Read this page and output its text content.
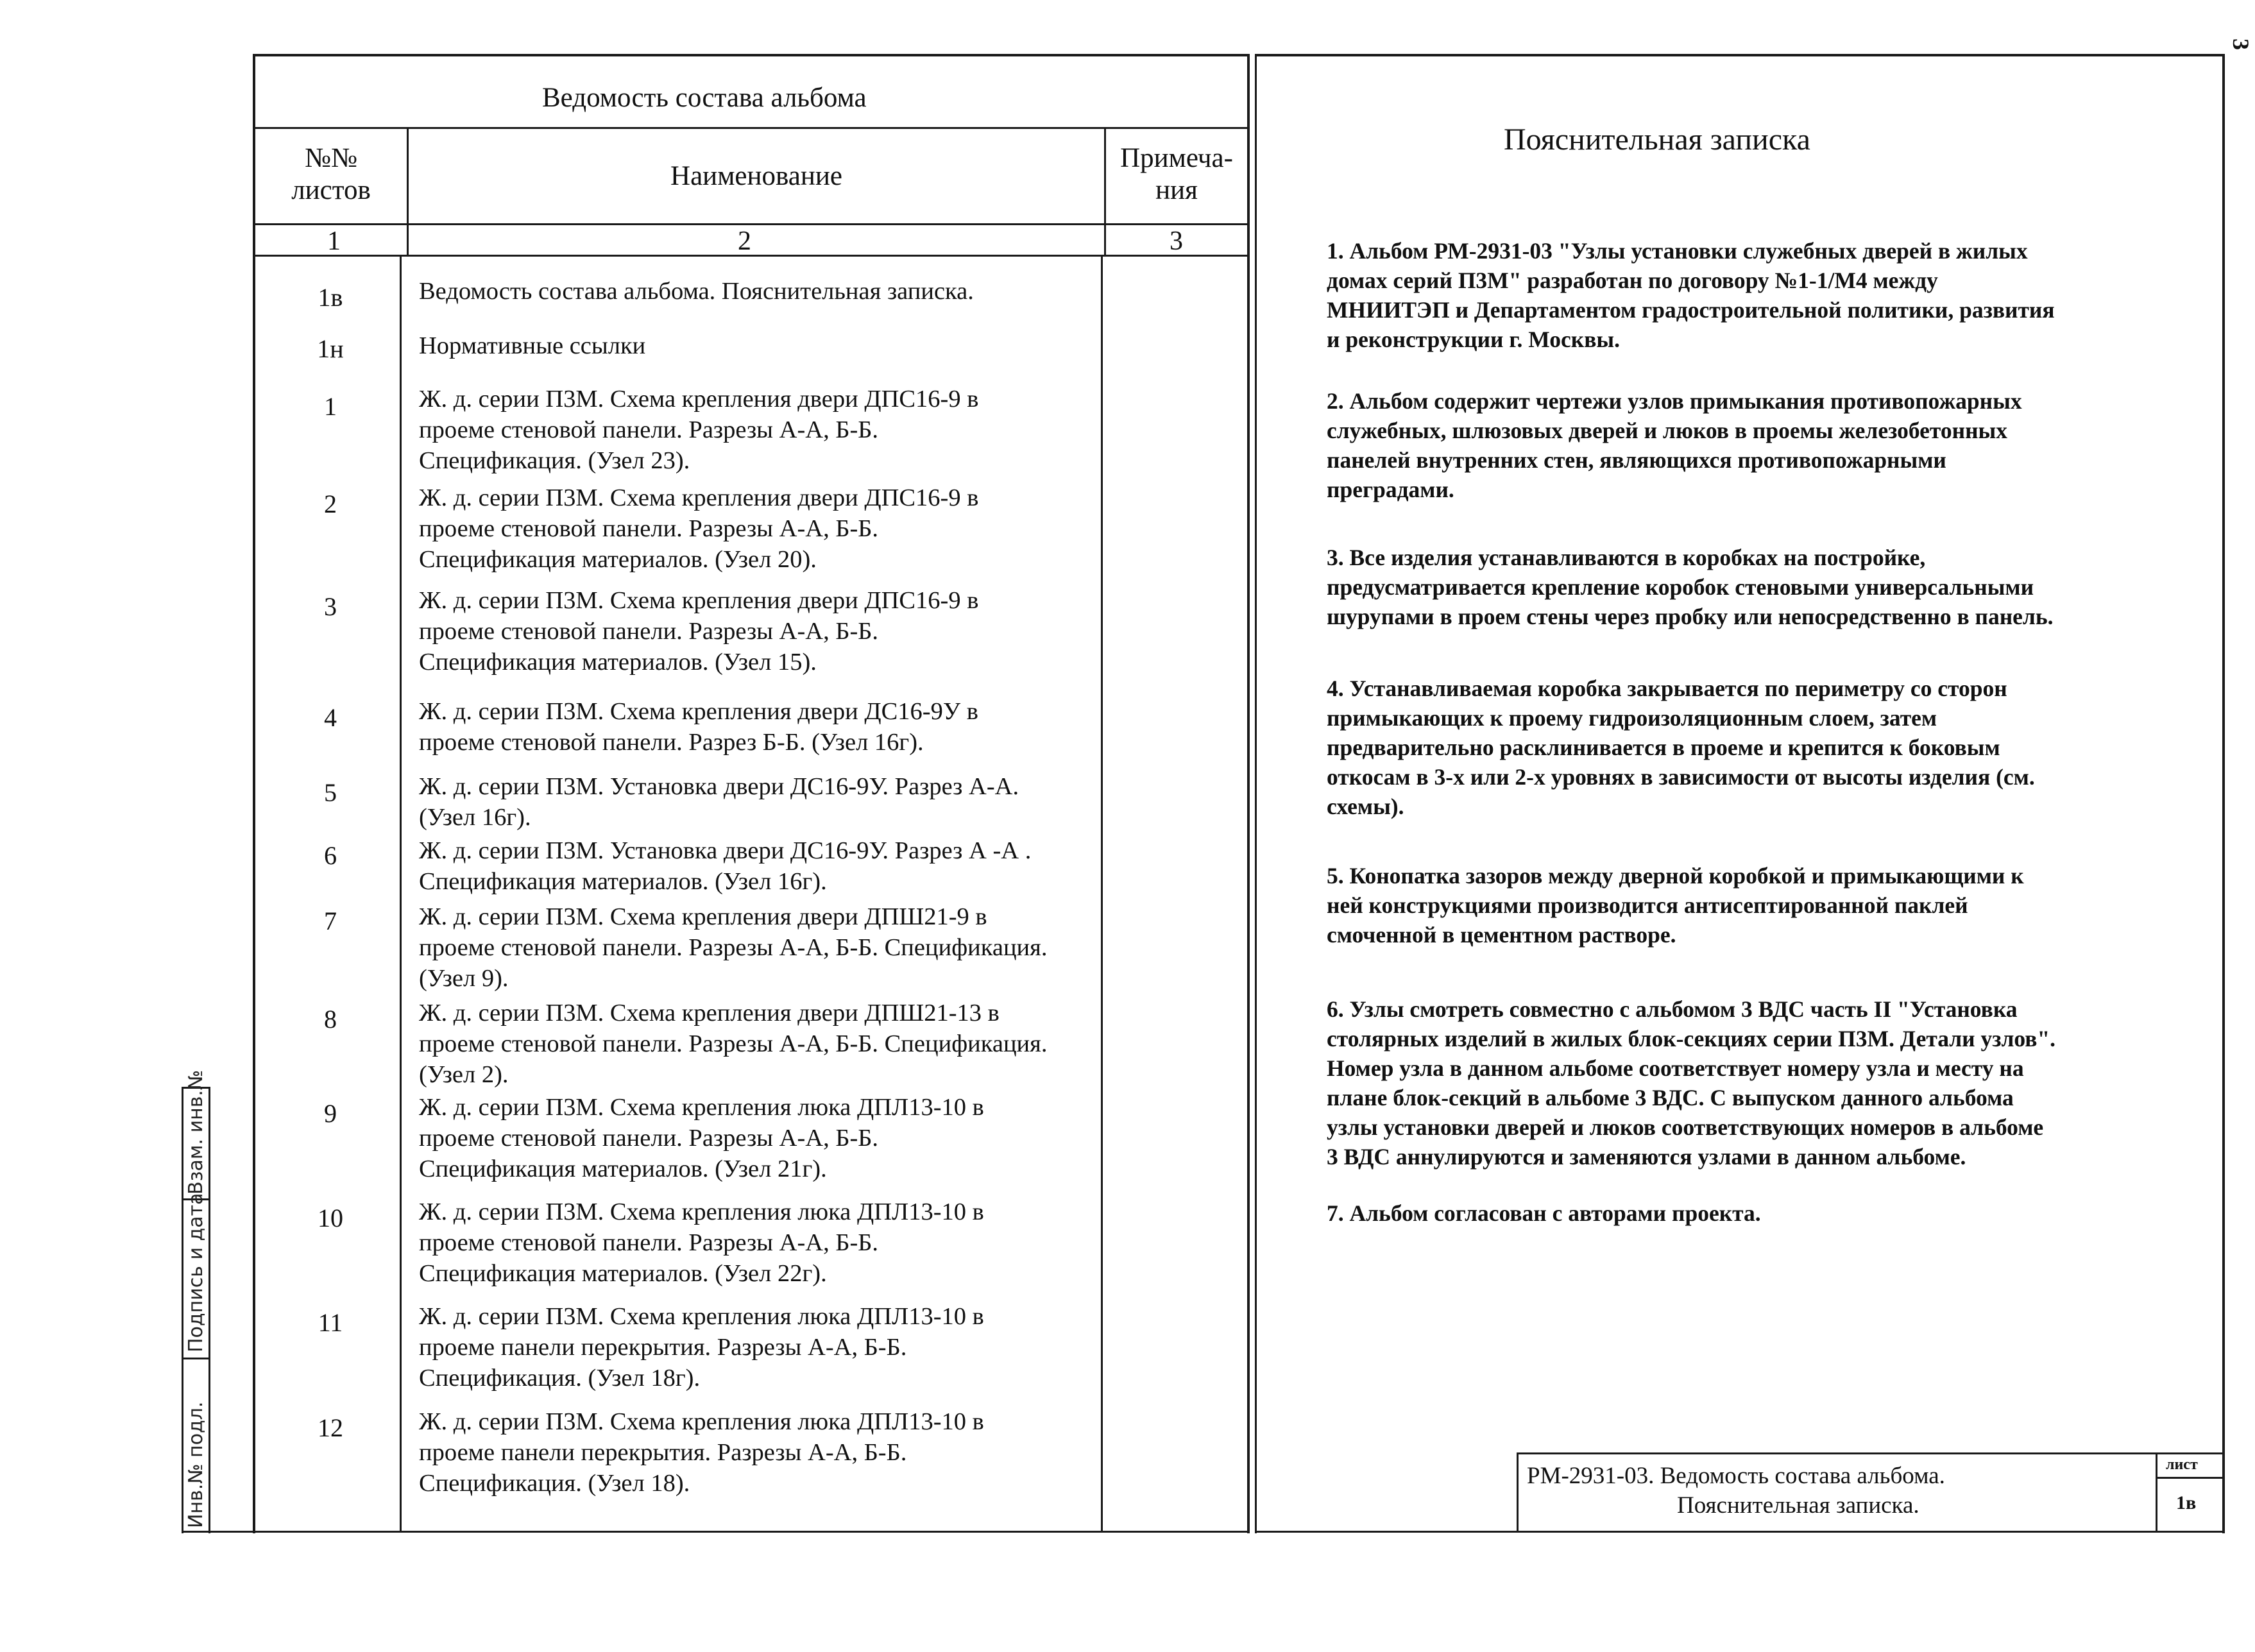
Ведомость состава альбома
№№
листов	Наименование
Примеча-
ния
1	2	3
1в	Ведомость состава альбома. Пояснительная записка.
1н	Нормативные ссылки
1	Ж. д. серии П3М. Схема крепления двери ДПС16-9 в
проеме стеновой панели. Разрезы А-А, Б-Б.
Спецификация. (Узел 23).
2	Ж. д. серии П3М. Схема крепления двери ДПС16-9 в
проеме стеновой панели. Разрезы А-А, Б-Б.
Спецификация материалов. (Узел 20).
3	Ж. д. серии П3М. Схема крепления двери ДПС16-9 в
проеме стеновой панели. Разрезы А-А, Б-Б.
Спецификация материалов. (Узел 15).
4	Ж. д. серии П3М. Схема крепления двери ДС16-9У в
проеме стеновой панели. Разрез Б-Б. (Узел 16г).
5	Ж. д. серии П3М. Установка двери ДС16-9У. Разрез А-А.
(Узел 16г).
6	Ж. д. серии П3М. Установка двери ДС16-9У. Разрез А -А .
Спецификация материалов. (Узел 16г).
7	Ж. д. серии П3М. Схема крепления двери ДПШ21-9 в
проеме стеновой панели. Разрезы А-А, Б-Б. Спецификация.
(Узел 9).
8	Ж. д. серии П3М. Схема крепления двери ДПШ21-13 в
проеме стеновой панели. Разрезы А-А, Б-Б. Спецификация.
(Узел 2).
9	Ж. д. серии П3М. Схема крепления люка ДПЛ13-10 в
проеме стеновой панели. Разрезы А-А, Б-Б.
Спецификация материалов. (Узел 21г).
10	Ж. д. серии П3М. Схема крепления люка ДПЛ13-10 в
проеме стеновой панели. Разрезы А-А, Б-Б.
Спецификация материалов. (Узел 22г).
11	Ж. д. серии П3М. Схема крепления люка ДПЛ13-10 в
проеме панели перекрытия. Разрезы А-А, Б-Б.
Спецификация. (Узел 18г).
12	Ж. д. серии П3М. Схема крепления люка ДПЛ13-10 в
проеме панели перекрытия. Разрезы А-А, Б-Б.
Спецификация. (Узел 18).
Инв.№ подл.
Подпись и дата
Взам. инв.№
Пояснительная записка
1. Альбом РМ-2931-03 "Узлы установки служебных дверей в жилых
домах серий П3М" разработан по договору №1-1/М4 между
МНИИТЭП и Департаментом градостроительной политики, развития
и реконструкции г. Москвы.
2. Альбом содержит чертежи узлов примыкания противопожарных
служебных, шлюзовых дверей и люков в проемы железобетонных
панелей внутренних стен, являющихся противопожарными
преградами.
3. Все изделия устанавливаются в коробках на постройке,
предусматривается крепление коробок стеновыми универсальными
шурупами в проем стены через пробку или непосредственно в панель.
4. Устанавливаемая коробка закрывается по периметру со сторон
примыкающих к проему гидроизоляционным слоем, затем
предварительно расклинивается в проеме и крепится к боковым
откосам в 3-х или 2-х уровнях в зависимости от высоты изделия (см.
схемы).
5. Конопатка зазоров между дверной коробкой и примыкающими к
ней конструкциями производится антисептированной паклей
смоченной в цементном растворе.
6. Узлы смотреть совместно с альбомом 3 ВДС часть II "Установка
столярных изделий в жилых блок-секциях серии П3М. Детали узлов".
Номер узла в данном альбоме соответствует номеру узла и месту на
плане блок-секций в альбоме 3 ВДС. С выпуском данного альбома
узлы установки дверей и люков соответствующих номеров в альбоме
3 ВДС аннулируются и заменяются узлами в данном альбоме.
7. Альбом согласован с авторами проекта.
РМ-2931-03. Ведомость состава альбома.
Пояснительная записка.
лист
1в
3
